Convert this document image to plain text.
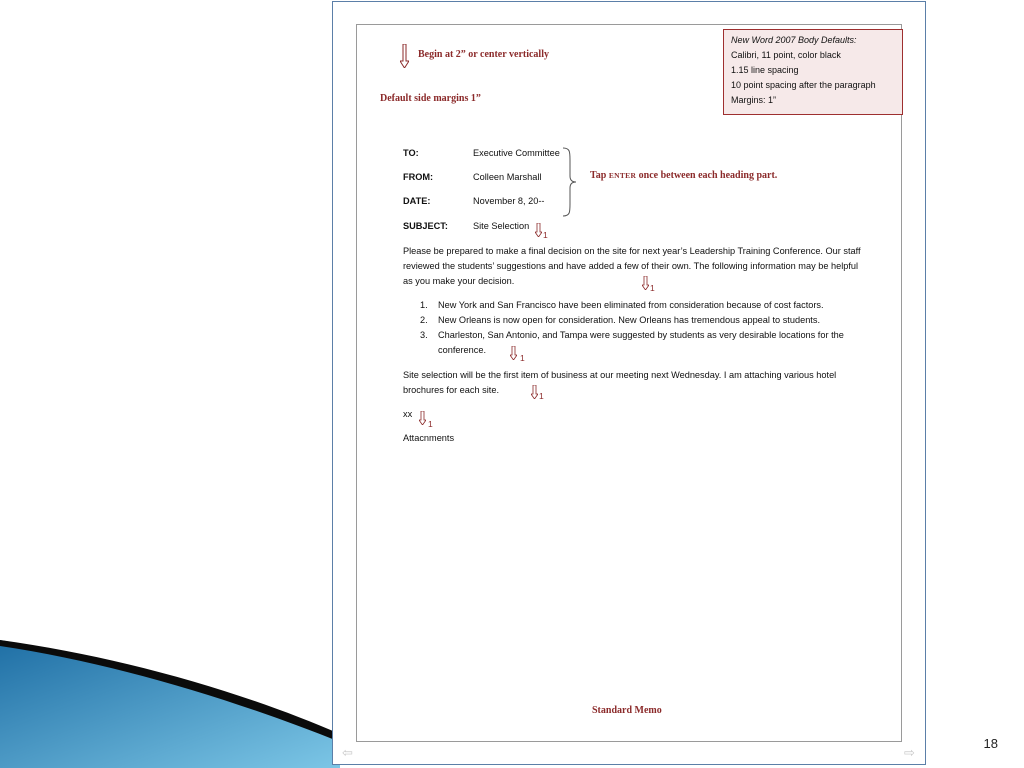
Begin at 2” or center vertically
Default side margins 1”
New Word 2007 Body Defaults:
Calibri, 11 point, color black
1.15 line spacing
10 point spacing after the paragraph
Margins: 1”
TO:	Executive Committee
FROM:	Colleen Marshall
DATE:	November 8, 20--
SUBJECT:	Site Selection
Tap ENTER once between each heading part.
1
Please be prepared to make a final decision on the site for next year’s Leadership Training Conference. Our staff reviewed the students’ suggestions and have added a few of their own. The following information may be helpful as you make your decision.
1
1. New York and San Francisco have been eliminated from consideration because of cost factors.
2. New Orleans is now open for consideration. New Orleans has tremendous appeal to students.
3.	Charleston, San Antonio, and Tampa were suggested by students as very desirable locations for the conference.
1
Site selection will be the first item of business at our meeting next Wednesday. I am attaching various hotel brochures for each site.
1
xx
1
Attacnments
Standard Memo
⇦	⇨
18
